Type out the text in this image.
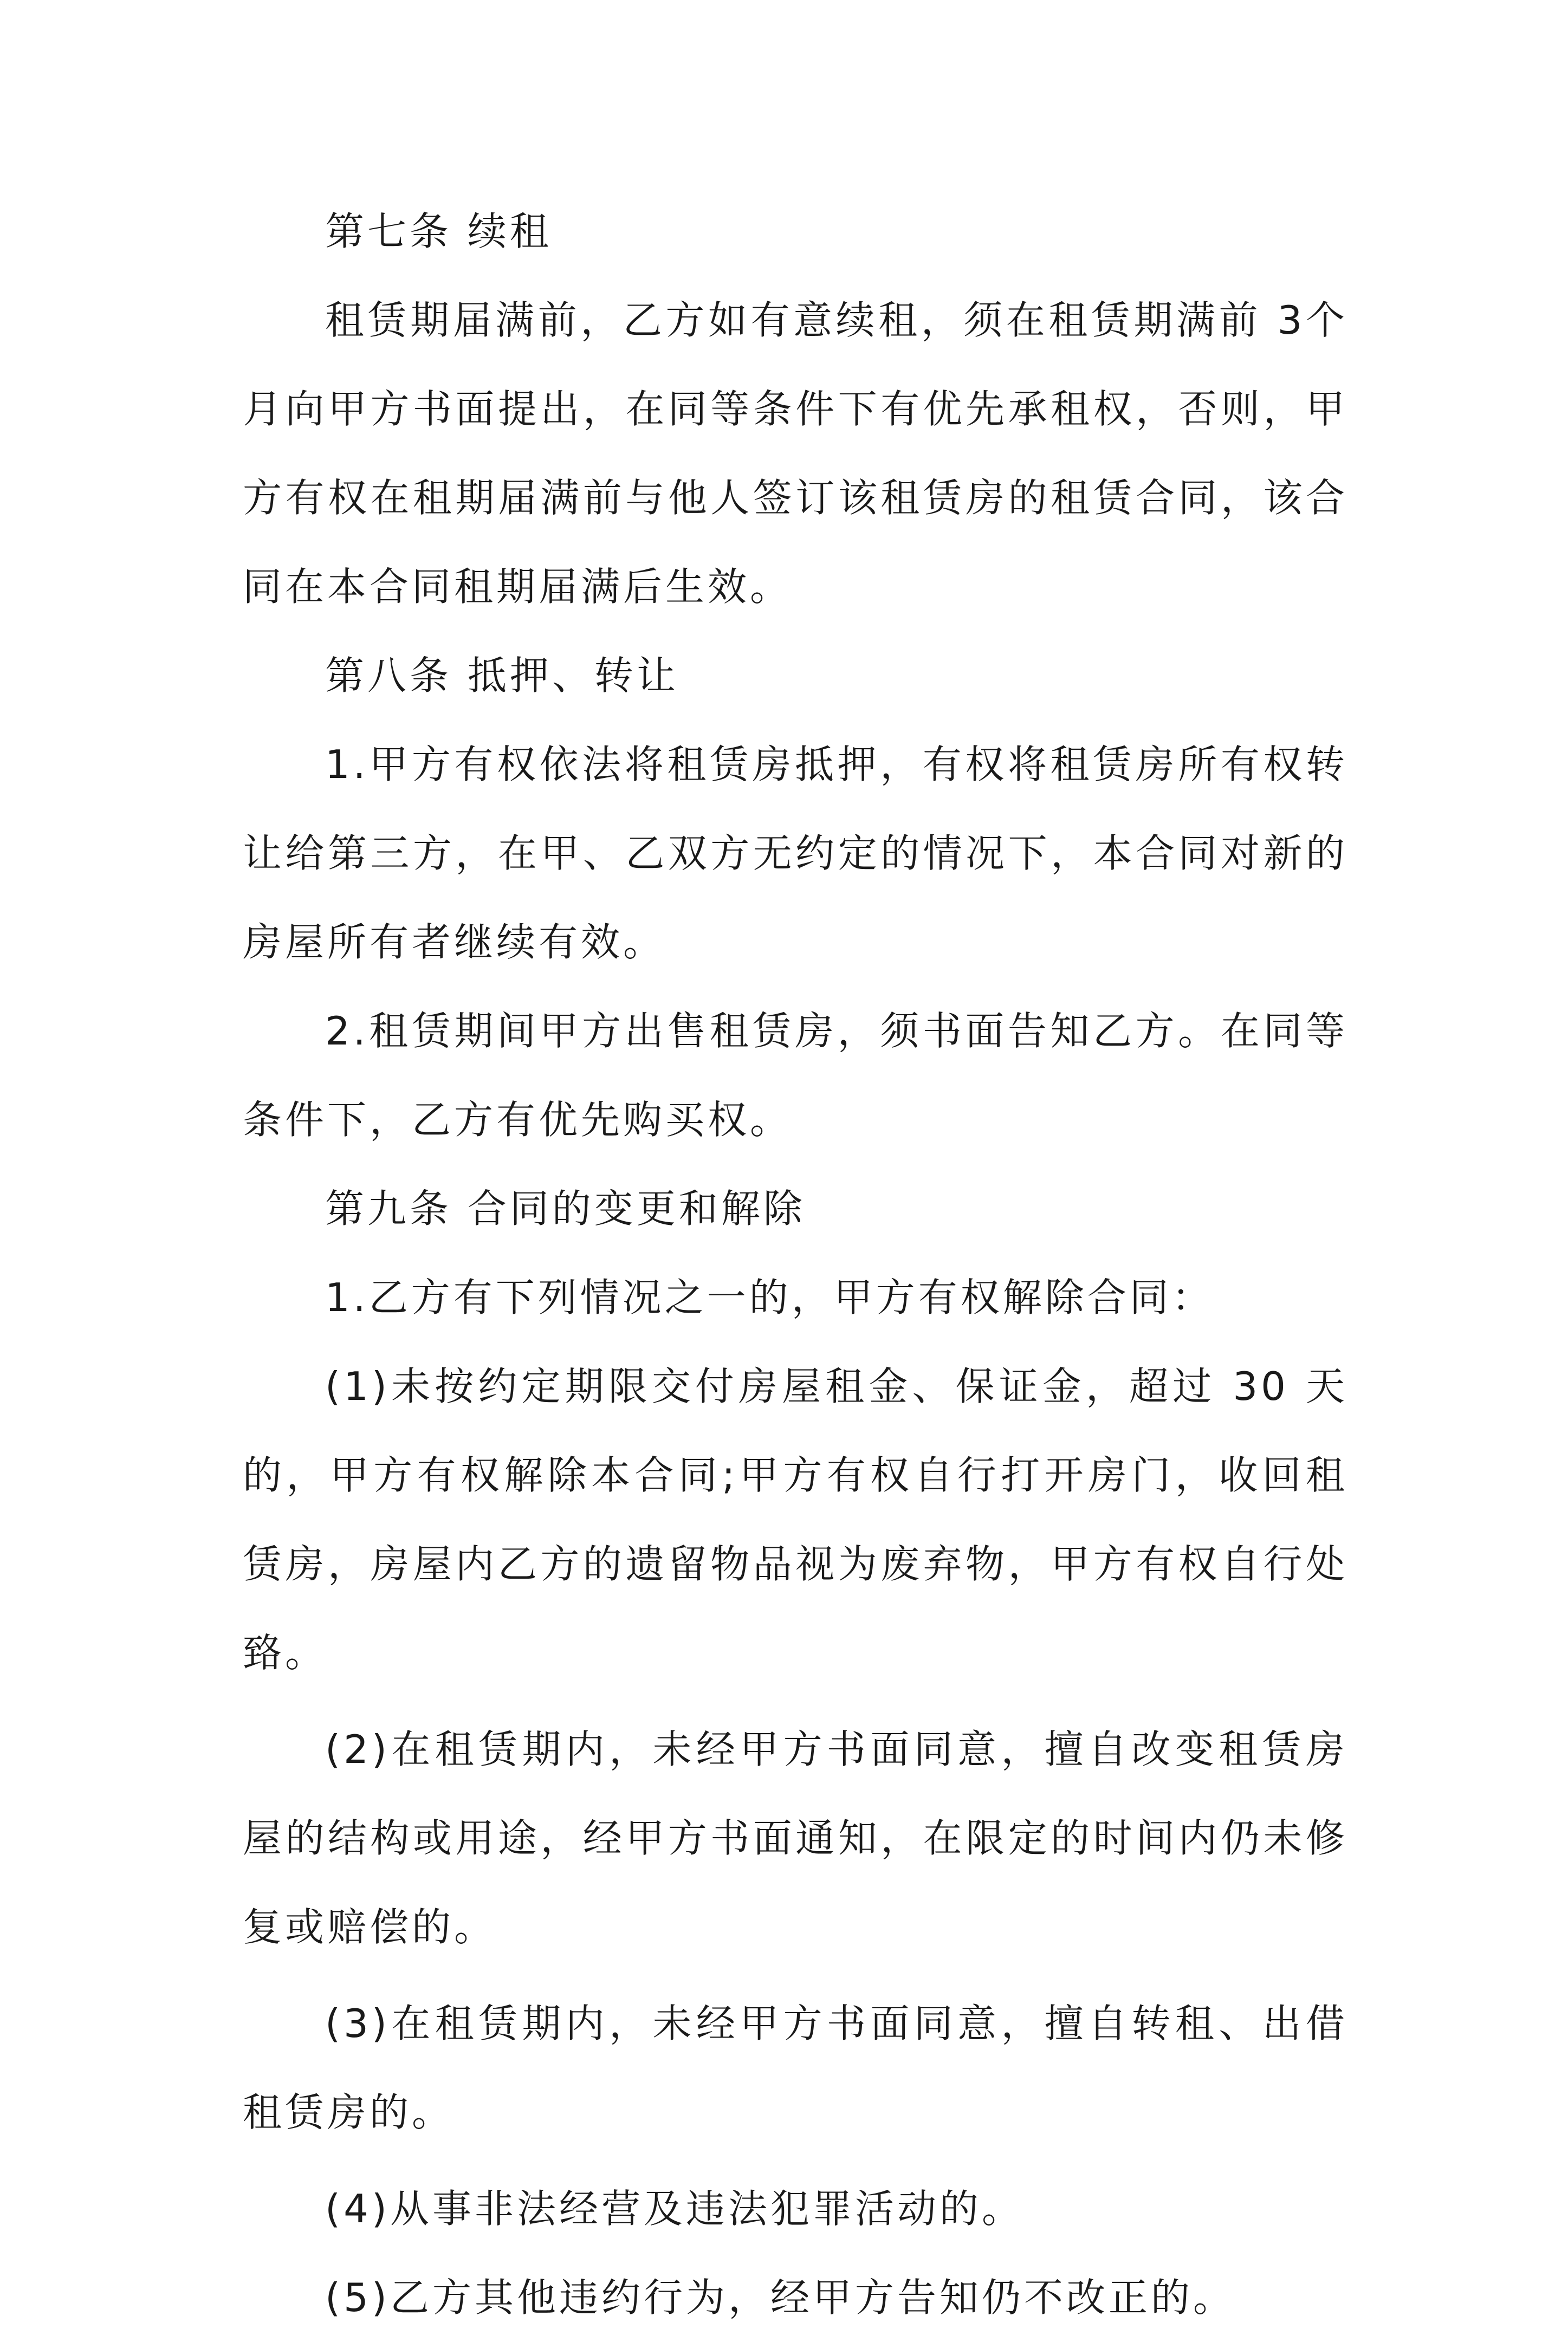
第七条 续租

租赁期届满前，乙方如有意续租，须在租赁期满前 3个月向甲方书面提出，在同等条件下有优先承租权，否则，甲方有权在租期届满前与他人签订该租赁房的租赁合同，该合同在本合同租期届满后生效。

第八条 抵押、转让

1.甲方有权依法将租赁房抵押，有权将租赁房所有权转让给第三方，在甲、乙双方无约定的情况下，本合同对新的房屋所有者继续有效。

2.租赁期间甲方出售租赁房，须书面告知乙方。在同等条件下，乙方有优先购买权。

第九条 合同的变更和解除

1.乙方有下列情况之一的，甲方有权解除合同：

(1)未按约定期限交付房屋租金、保证金，超过 30 天的，甲方有权解除本合同;甲方有权自行打开房门，收回租赁房，房屋内乙方的遗留物品视为废弃物，甲方有权自行处臵。

(2)在租赁期内，未经甲方书面同意，擅自改变租赁房屋的结构或用途，经甲方书面通知，在限定的时间内仍未修复或赔偿的。

(3)在租赁期内，未经甲方书面同意，擅自转租、出借租赁房的。

(4)从事非法经营及违法犯罪活动的。

(5)乙方其他违约行为，经甲方告知仍不改正的。
